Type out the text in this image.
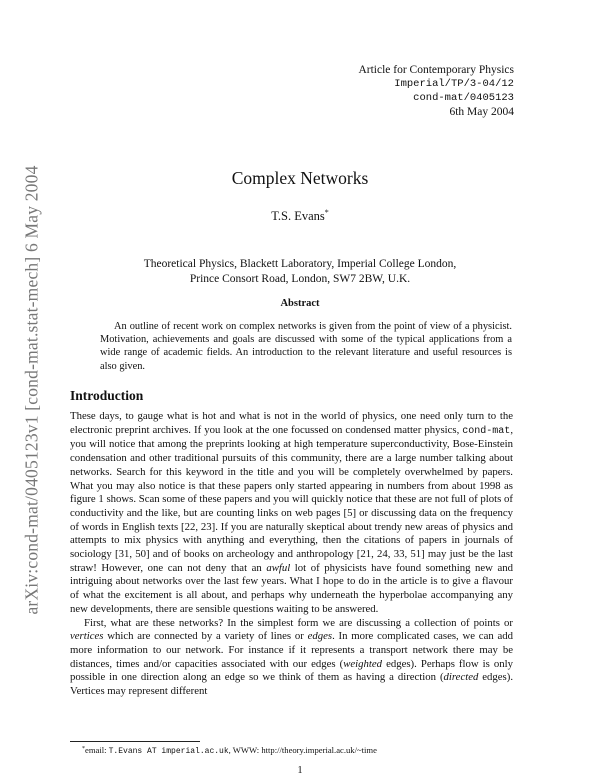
arXiv:cond-mat/0405123v1 [cond-mat.stat-mech] 6 May 2004
Article for Contemporary Physics
Imperial/TP/3-04/12
cond-mat/0405123
6th May 2004
Complex Networks
T.S. Evans*
Theoretical Physics, Blackett Laboratory, Imperial College London,
Prince Consort Road, London, SW7 2BW, U.K.
Abstract
An outline of recent work on complex networks is given from the point of view of a physicist. Motivation, achievements and goals are discussed with some of the typical applications from a wide range of academic fields. An introduction to the relevant literature and useful resources is also given.
Introduction

These days, to gauge what is hot and what is not in the world of physics, one need only turn to the electronic preprint archives. If you look at the one focussed on condensed matter physics, cond-mat, you will notice that among the preprints looking at high temperature superconductivity, Bose-Einstein condensation and other traditional pursuits of this community, there are a large number talking about networks. Search for this keyword in the title and you will be completely overwhelmed by papers. What you may also notice is that these papers only started appearing in numbers from about 1998 as figure 1 shows. Scan some of these papers and you will quickly notice that these are not full of plots of conductivity and the like, but are counting links on web pages [5] or discussing data on the frequency of words in English texts [22, 23]. If you are naturally skeptical about trendy new areas of physics and attempts to mix physics with anything and everything, then the citations of papers in journals of sociology [31, 50] and of books on archeology and anthropology [21, 24, 33, 51] may just be the last straw! However, one can not deny that an awful lot of physicists have found something new and intriguing about networks over the last few years. What I hope to do in the article is to give a flavour of what the excitement is all about, and perhaps why underneath the hyperbolae accompanying any new developments, there are sensible questions waiting to be answered.

First, what are these networks? In the simplest form we are discussing a collection of points or vertices which are connected by a variety of lines or edges. In more complicated cases, we can add more information to our network. For instance if it represents a transport network there may be distances, times and/or capacities associated with our edges (weighted edges). Perhaps flow is only possible in one direction along an edge so we think of them as having a direction (directed edges). Vertices may represent different

*email: T.Evans AT imperial.ac.uk, WWW: http://theory.imperial.ac.uk/~time
1
